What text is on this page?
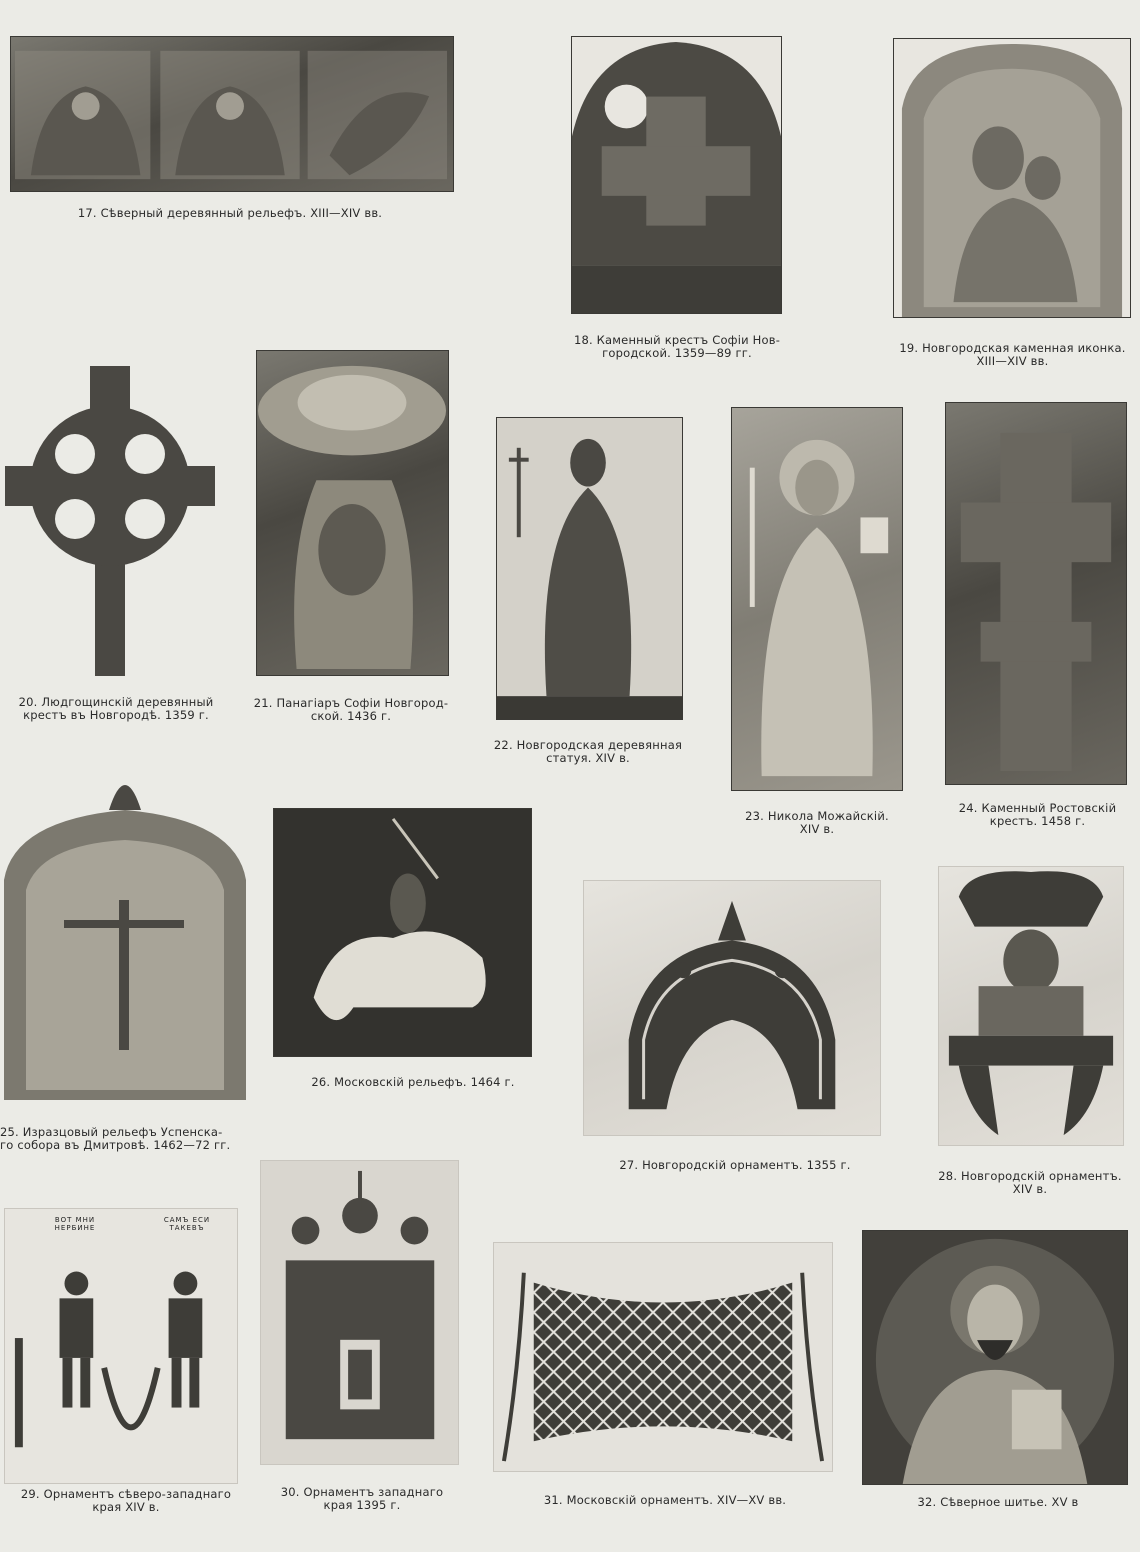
17. Сѣверный деревянный рельефъ. XIII—XIV вв.
18. Каменный крестъ Софіи Нов-
городской. 1359—89 гг.	19. Новгородская каменная иконка.
XIII—XIV вв.
20. Людгощинскій деревянный
крестъ въ Новгородѣ. 1359 г.
21. Панагіаръ Софіи Новгород-
ской. 1436 г.
22. Новгородская деревянная
статуя. XIV в.
23. Никола Можайскій.
XIV в.
24. Каменный Ростовскій
крестъ. 1458 г.
25. Изразцовый рельефъ Успенска-
го собора въ Дмитровѣ. 1462—72 гг.
26. Московскій рельефъ. 1464 г.
27. Новгородскій орнаментъ. 1355 г.
28. Новгородскій орнаментъ.
XIV в.
ВОТ МНИ
НЕРБИНЕ
САМЪ ЕСИ
ТАКЕВЪ
29. Орнаментъ сѣверо-западнаго
края XIV в.
30. Орнаментъ западнаго
края 1395 г.	31. Московскій орнаментъ. XIV—XV вв.	32. Сѣверное шитье. XV в
